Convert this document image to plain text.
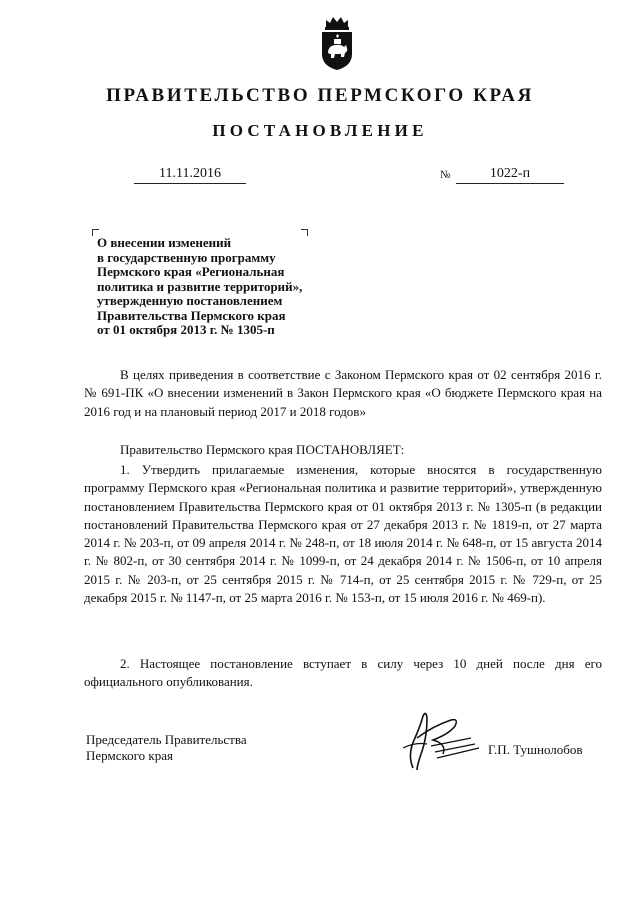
ПРАВИТЕЛЬСТВО ПЕРМСКОГО КРАЯ
ПОСТАНОВЛЕНИЕ
11.11.2016	№	1022-п
О внесении изменений
в государственную программу
Пермского края «Региональная
политика и развитие территорий»,
утвержденную постановлением
Правительства Пермского края
от 01 октября 2013 г. № 1305-п
В целях приведения в соответствие с Законом Пермского края от 02 сентября 2016 г. № 691-ПК «О внесении изменений в Закон Пермского края «О бюджете Пермского края на 2016 год и на плановый период 2017 и 2018 годов»
Правительство Пермского края ПОСТАНОВЛЯЕТ:
1. Утвердить прилагаемые изменения, которые вносятся в государственную программу Пермского края «Региональная политика и развитие территорий», утвержденную постановлением Правительства Пермского края от 01 октября 2013 г. № 1305-п (в редакции постановлений Правительства Пермского края от 27 декабря 2013 г. № 1819-п, от 27 марта 2014 г. № 203-п, от 09 апреля 2014 г. № 248-п, от 18 июля 2014 г. № 648-п, от 15 августа 2014 г. № 802-п, от 30 сентября 2014 г. № 1099-п, от 24 декабря 2014 г. № 1506-п, от 10 апреля 2015 г. № 203-п, от 25 сентября 2015 г. № 714-п, от 25 сентября 2015 г. № 729-п, от 25 декабря 2015 г. № 1147-п, от 25 марта 2016 г. № 153-п, от 15 июля 2016 г. № 469-п).
2. Настоящее постановление вступает в силу через 10 дней после дня его официального опубликования.
Председатель Правительства
Пермского края	Г.П. Тушнолобов
